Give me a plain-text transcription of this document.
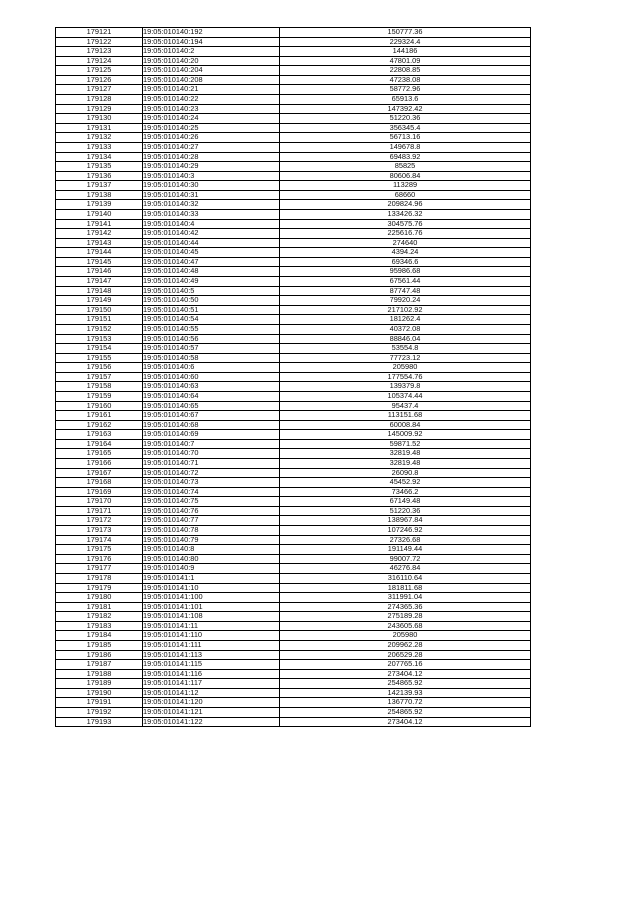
179121	19:05:010140:192	150777.36
179122	19:05:010140:194	229324.4
179123	19:05:010140:2	144186
179124	19:05:010140:20	47801.09
179125	19:05:010140:204	22808.85
179126	19:05:010140:208	47238.08
179127	19:05:010140:21	58772.96
179128	19:05:010140:22	65913.6
179129	19:05:010140:23	147392.42
179130	19:05:010140:24	51220.36
179131	19:05:010140:25	356345.4
179132	19:05:010140:26	56713.16
179133	19:05:010140:27	149678.8
179134	19:05:010140:28	69483.92
179135	19:05:010140:29	85825
179136	19:05:010140:3	80606.84
179137	19:05:010140:30	113289
179138	19:05:010140:31	68660
179139	19:05:010140:32	209824.96
179140	19:05:010140:33	133426.32
179141	19:05:010140:4	304575.76
179142	19:05:010140:42	225616.76
179143	19:05:010140:44	274640
179144	19:05:010140:45	4394.24
179145	19:05:010140:47	69346.6
179146	19:05:010140:48	95986.68
179147	19:05:010140:49	67561.44
179148	19:05:010140:5	87747.48
179149	19:05:010140:50	79920.24
179150	19:05:010140:51	217102.92
179151	19:05:010140:54	181262.4
179152	19:05:010140:55	40372.08
179153	19:05:010140:56	88846.04
179154	19:05:010140:57	53554.8
179155	19:05:010140:58	77723.12
179156	19:05:010140:6	205980
179157	19:05:010140:60	177554.76
179158	19:05:010140:63	139379.8
179159	19:05:010140:64	105374.44
179160	19:05:010140:65	95437.4
179161	19:05:010140:67	113151.68
179162	19:05:010140:68	60008.84
179163	19:05:010140:69	145009.92
179164	19:05:010140:7	59871.52
179165	19:05:010140:70	32819.48
179166	19:05:010140:71	32819.48
179167	19:05:010140:72	26090.8
179168	19:05:010140:73	45452.92
179169	19:05:010140:74	73466.2
179170	19:05:010140:75	67149.48
179171	19:05:010140:76	51220.36
179172	19:05:010140:77	138967.84
179173	19:05:010140:78	107246.92
179174	19:05:010140:79	27326.68
179175	19:05:010140:8	191149.44
179176	19:05:010140:80	99007.72
179177	19:05:010140:9	46276.84
179178	19:05:010141:1	316110.64
179179	19:05:010141:10	181811.68
179180	19:05:010141:100	311991.04
179181	19:05:010141:101	274365.36
179182	19:05:010141:108	275189.28
179183	19:05:010141:11	243605.68
179184	19:05:010141:110	205980
179185	19:05:010141:111	209962.28
179186	19:05:010141:113	206529.28
179187	19:05:010141:115	207765.16
179188	19:05:010141:116	273404.12
179189	19:05:010141:117	254865.92
179190	19:05:010141:12	142139.93
179191	19:05:010141:120	136770.72
179192	19:05:010141:121	254865.92
179193	19:05:010141:122	273404.12
